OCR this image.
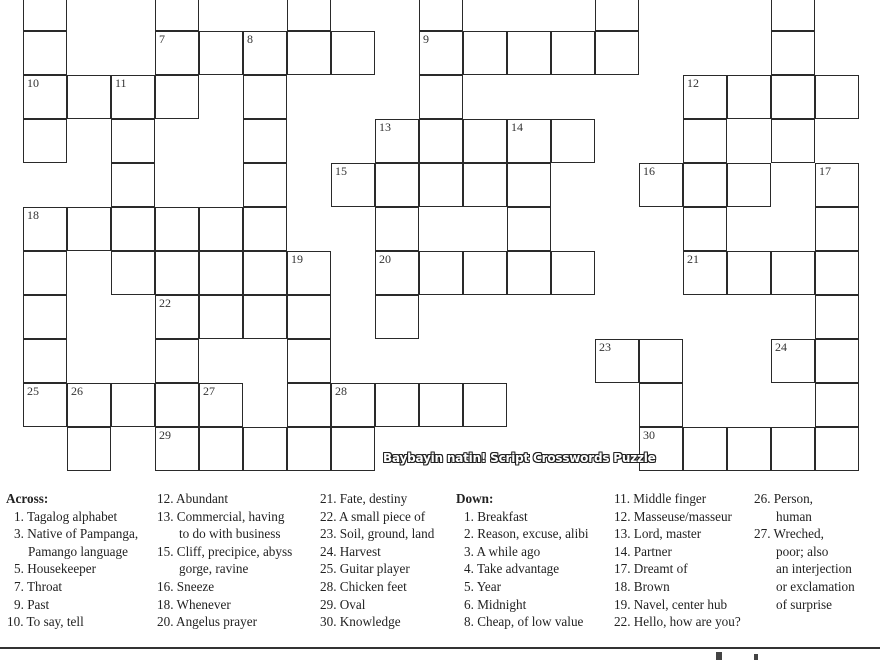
7	8	9
10	11	12
13	14
15	16	17
18
19	20	21
22
23	24
25	26	27	28
29	30
Baybayin natin! Script Crosswords Puzzle
Across:
1. Tagalog alphabet
3. Native of Pampanga,
Pamango language
5. Housekeeper
7. Throat
9. Past
10. To say, tell
12. Abundant
13. Commercial, having
to do with business
15. Cliff, precipice, abyss
gorge, ravine
16. Sneeze
18. Whenever
20. Angelus prayer
21. Fate, destiny
22. A small piece of
23. Soil, ground, land
24. Harvest
25. Guitar player
28. Chicken feet
29. Oval
30. Knowledge
Down:
1. Breakfast
2. Reason, excuse, alibi
3. A while ago
4. Take advantage
5. Year
6. Midnight
8. Cheap, of low value
11. Middle finger
12. Masseuse/masseur
13. Lord, master
14. Partner
17. Dreamt of
18. Brown
19. Navel, center hub
22. Hello, how are you?
26. Person,
human
27. Wreched,
poor; also
an interjection
or exclamation
of surprise
